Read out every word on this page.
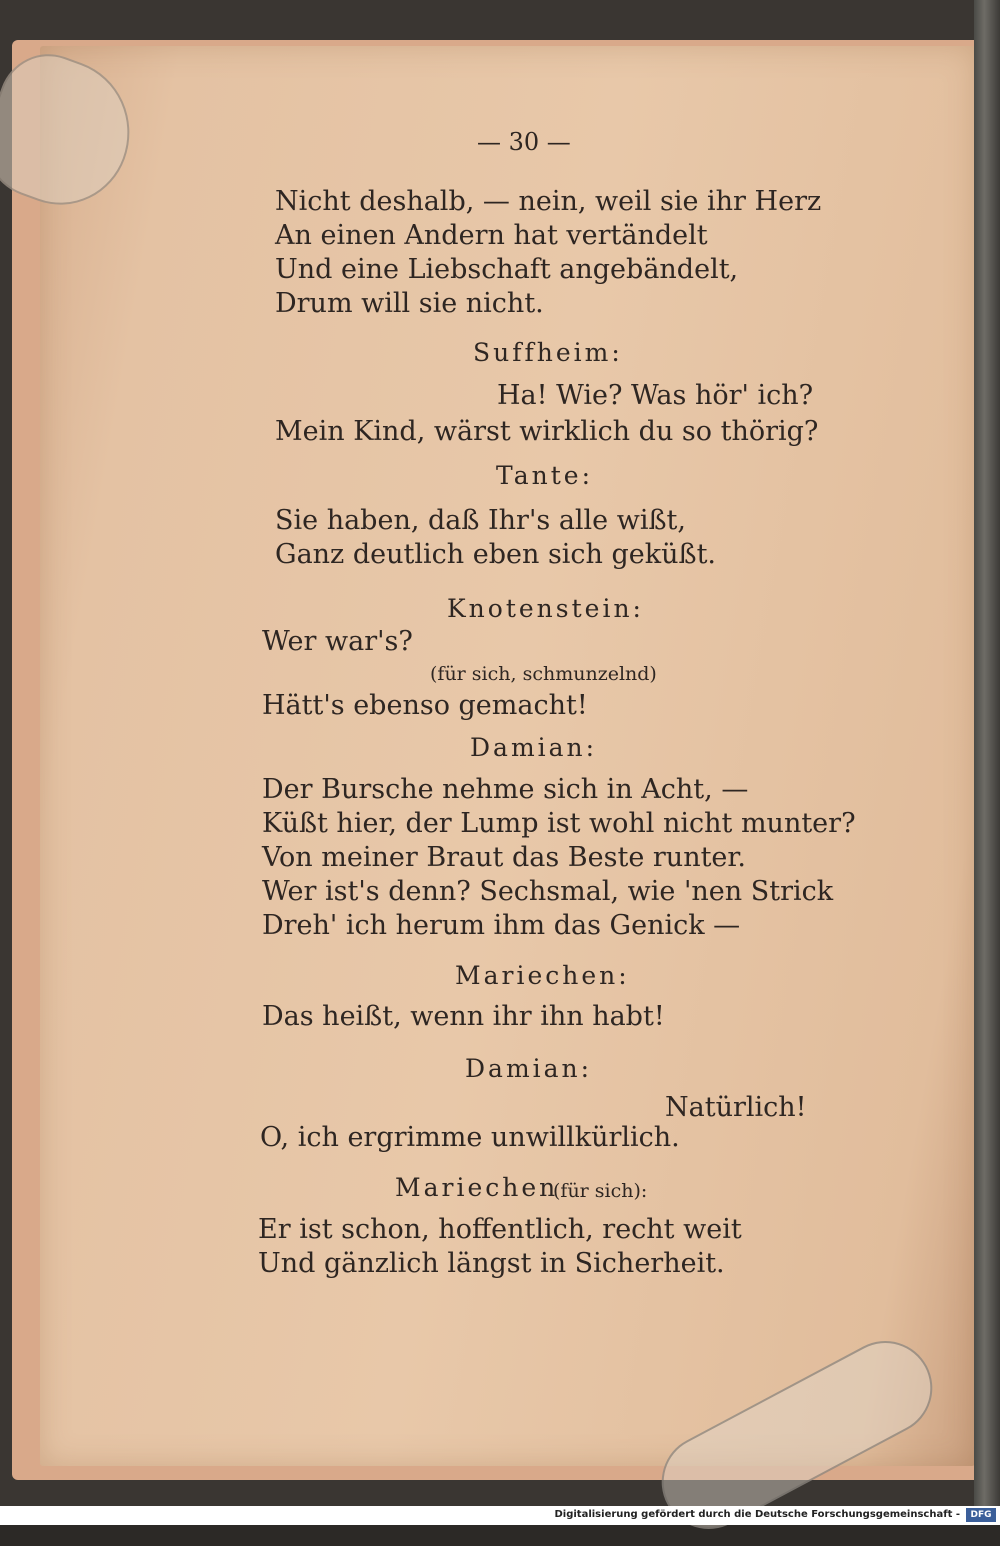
— 30 —
Nicht deshalb, — nein, weil sie ihr Herz
An einen Andern hat vertändelt
Und eine Liebschaft angebändelt,
Drum will sie nicht.
Suffheim:
Ha! Wie? Was hör' ich?
Mein Kind, wärst wirklich du so thörig?
Tante:
Sie haben, daß Ihr's alle wißt,
Ganz deutlich eben sich geküßt.
Knotenstein:
Wer war's?
(für sich, schmunzelnd)
Hätt's ebenso gemacht!
Damian:
Der Bursche nehme sich in Acht, —
Küßt hier, der Lump ist wohl nicht munter?
Von meiner Braut das Beste runter.
Wer ist's denn? Sechsmal, wie 'nen Strick
Dreh' ich herum ihm das Genick —
Mariechen:
Das heißt, wenn ihr ihn habt!
Damian:
Natürlich!
O, ich ergrimme unwillkürlich.
Mariechen
(für sich):
Er ist schon, hoffentlich, recht weit
Und gänzlich längst in Sicherheit.
Digitalisierung gefördert durch die Deutsche Forschungsgemeinschaft -	DFG
